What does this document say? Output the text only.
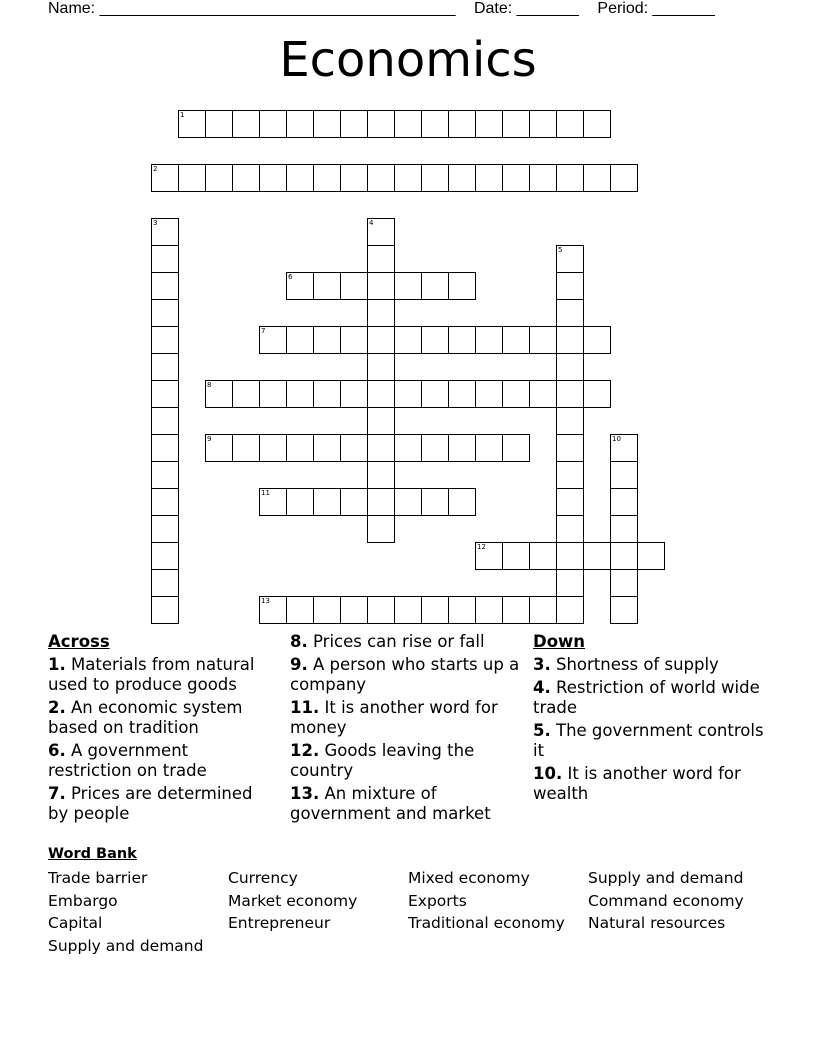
Name: ________________________________________ Date: _______ Period: _______
Economics
1
2
3	4
5
6
7
8
9	10
11
12
13
Across
1. Materials from natural used to produce goods
2. An economic system based on tradition
6. A government restriction on trade
7. Prices are determined by people
8. Prices can rise or fall
9. A person who starts up a company
11. It is another word for money
12. Goods leaving the country
13. An mixture of government and market
Down
3. Shortness of supply
4. Restriction of world wide trade
5. The government controls it
10. It is another word for wealth
Word Bank
Trade barrier	Currency	Mixed economy	Supply and demand
Embargo	Market economy	Exports	Command economy
Capital	Entrepreneur	Traditional economy	Natural resources
Supply and demand
